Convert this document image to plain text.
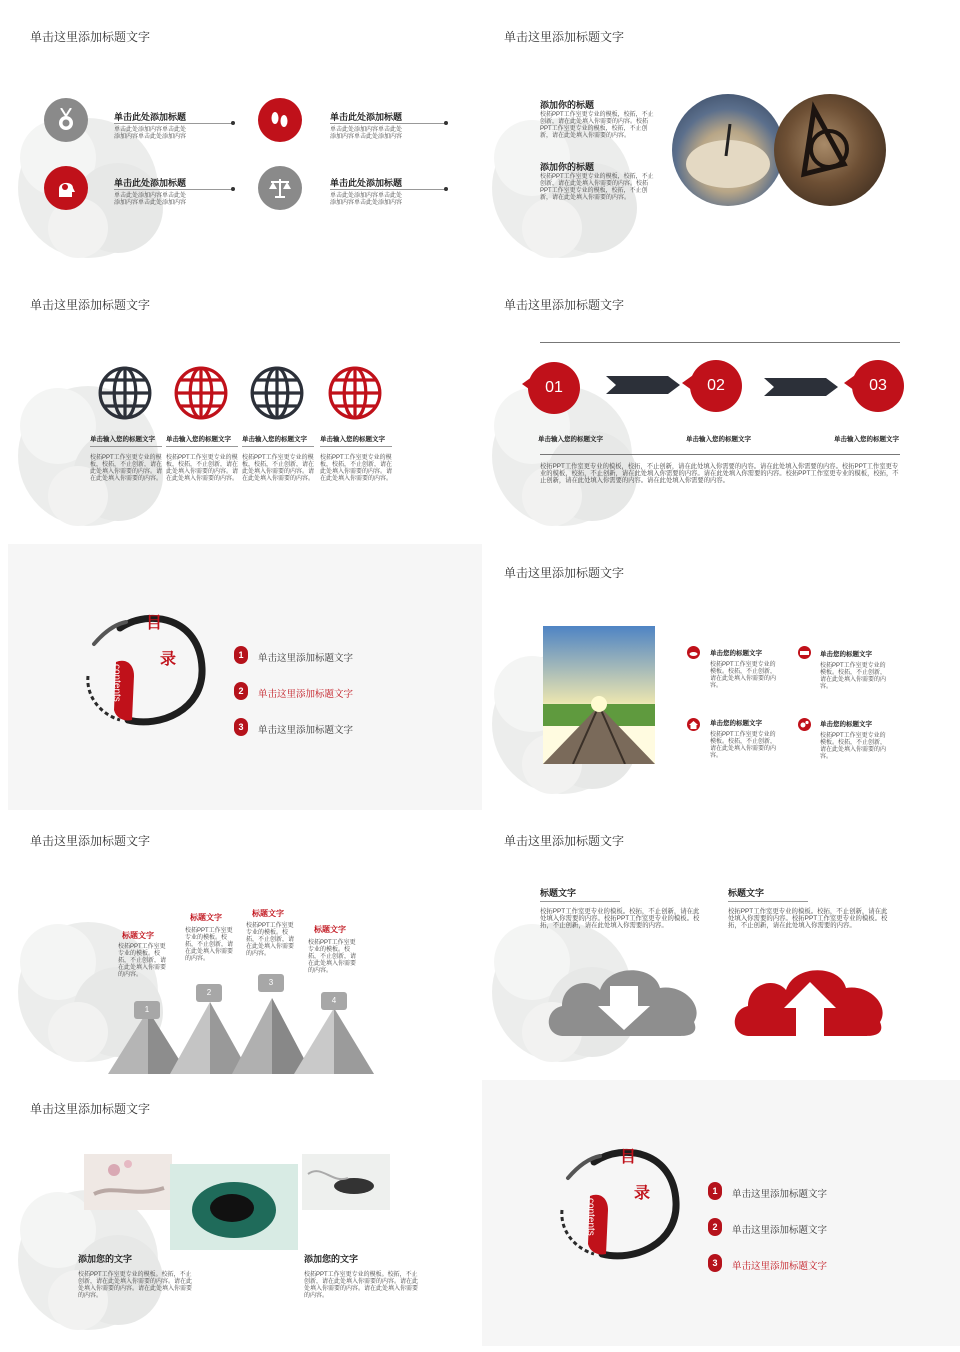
单击这里添加标题文字
单击此处添加标题
单击此处添加内容单击此处
添加内容单击此处添加内容
单击此处添加标题
单击此处添加内容单击此处
添加内容单击此处添加内容
单击此处添加标题
单击此处添加内容单击此处
添加内容单击此处添加内容
单击此处添加标题
单击此处添加内容单击此处
添加内容单击此处添加内容
单击这里添加标题文字
添加你的标题
校拓PPT工作室更专业的模板，校拓，不止创新，请在此处填入你需要的内容。校拓PPT工作室更专业的模板，校拓，不止创新，请在此处填入你需要的内容。
添加你的标题
校拓PPT工作室更专业的模板，校拓，不止创新，请在此处填入你需要的内容。校拓PPT工作室更专业的模板，校拓，不止创新，请在此处填入你需要的内容。
单击这里添加标题文字
单击输入您的标题文字
校拓PPT工作室更专业的模板，校拓，不止创新，请在此处填入你需要的内容。请在此处填入你需要的内容。
单击输入您的标题文字
校拓PPT工作室更专业的模板，校拓，不止创新，请在此处填入你需要的内容。请在此处填入你需要的内容。
单击输入您的标题文字
校拓PPT工作室更专业的模板，校拓，不止创新，请在此处填入你需要的内容。请在此处填入你需要的内容。
单击输入您的标题文字
校拓PPT工作室更专业的模板，校拓，不止创新，请在此处填入你需要的内容。请在此处填入你需要的内容。
单击这里添加标题文字
01	02	03
单击输入您的标题文字	单击输入您的标题文字	单击输入您的标题文字
校拓PPT工作室更专业的模板，校拓，不止创新，请在此处填入你需要的内容。请在此处填入你需要的内容。校拓PPT工作室更专业的模板，校拓，不止创新，请在此处填入你需要的内容。请在此处填入你需要的内容。校拓PPT工作室更专业的模板，校拓，不止创新，请在此处填入你需要的内容。请在此处填入你需要的内容。
contents
目
录	1	单击这里添加标题文字
2	单击这里添加标题文字
3	单击这里添加标题文字
单击这里添加标题文字
单击您的标题文字
校拓PPT工作室更专业的模板。校拓，不止创新，请在此处填入你需要的内容。
单击您的标题文字
校拓PPT工作室更专业的模板。校拓，不止创新，请在此处填入你需要的内容。
单击您的标题文字
校拓PPT工作室更专业的模板。校拓，不止创新，请在此处填入你需要的内容。
单击您的标题文字
校拓PPT工作室更专业的模板。校拓，不止创新，请在此处填入你需要的内容。
单击这里添加标题文字
1
2
3
4
标题文字
校拓PPT工作室更专业的模板。校拓，不止创新，请在此处填入你需要的内容。
标题文字
校拓PPT工作室更专业的模板。校拓，不止创新，请在此处填入你需要的内容。
标题文字
校拓PPT工作室更专业的模板。校拓，不止创新，请在此处填入你需要的内容。
标题文字
校拓PPT工作室更专业的模板。校拓，不止创新，请在此处填入你需要的内容。
单击这里添加标题文字
标题文字
校拓PPT工作室更专业的模板。校拓，不止创新，请在此处填入你需要的内容。校拓PPT工作室更专业的模板。校拓，不止创新，请在此处填入你需要的内容。
标题文字
校拓PPT工作室更专业的模板。校拓，不止创新，请在此处填入你需要的内容。校拓PPT工作室更专业的模板。校拓，不止创新，请在此处填入你需要的内容。
单击这里添加标题文字
添加您的文字
校拓PPT工作室更专业的模板。校拓，不止创新，请在此处填入你需要的内容。请在此处填入你需要的内容。请在此处填入你需要的内容。
添加您的文字
校拓PPT工作室更专业的模板。校拓，不止创新，请在此处填入你需要的内容。请在此处填入你需要的内容。请在此处填入你需要的内容。
contents
目
录	1	单击这里添加标题文字
2	单击这里添加标题文字
3	单击这里添加标题文字
